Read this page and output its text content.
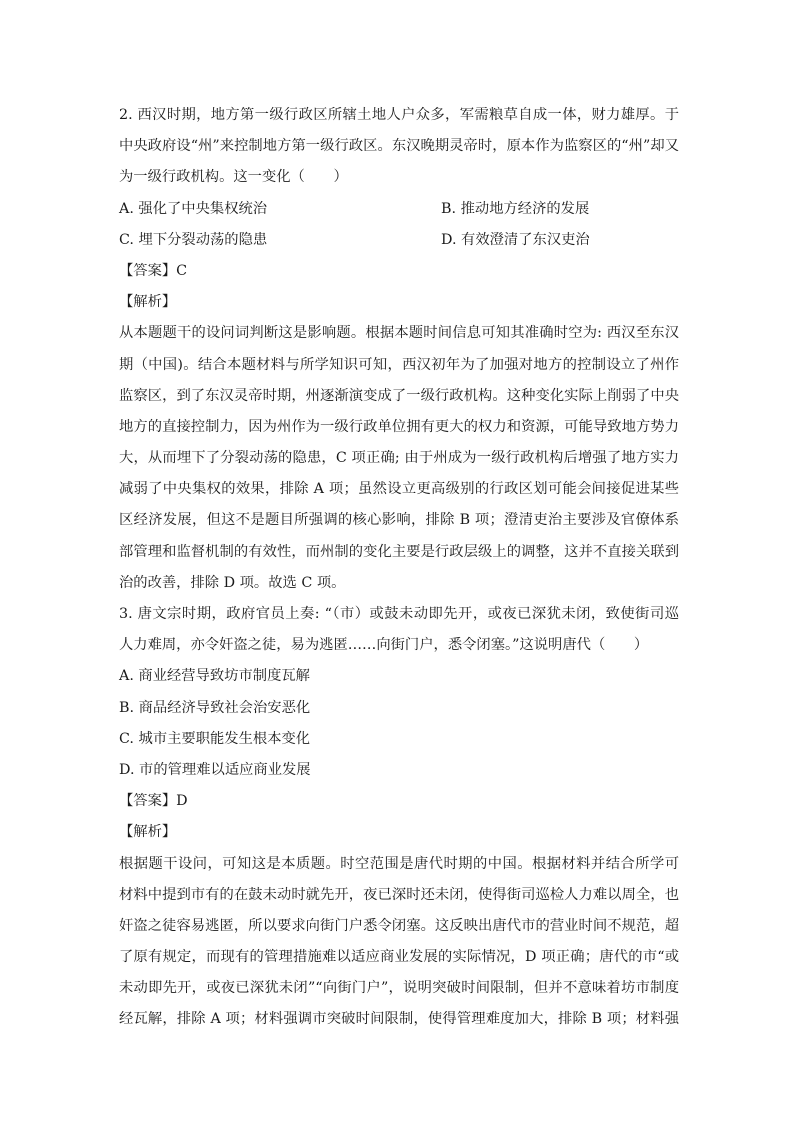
2. 西汉时期，地方第一级行政区所辖土地人户众多，军需粮草自成一体，财力雄厚。于
中央政府设“州”来控制地方第一级行政区。东汉晚期灵帝时，原本作为监察区的“州”却又
为一级行政机构。这一变化（　　）
A. 强化了中央集权统治	B. 推动地方经济的发展
C. 埋下分裂动荡的隐患	D. 有效澄清了东汉吏治
【答案】C
【解析】
从本题题干的设问词判断这是影响题。根据本题时间信息可知其准确时空为: 西汉至东汉
期（中国)。结合本题材料与所学知识可知，西汉初年为了加强对地方的控制设立了州作
监察区，到了东汉灵帝时期，州逐渐演变成了一级行政机构。这种变化实际上削弱了中央
地方的直接控制力，因为州作为一级行政单位拥有更大的权力和资源，可能导致地方势力
大，从而埋下了分裂动荡的隐患，C 项正确; 由于州成为一级行政机构后增强了地方实力
减弱了中央集权的效果，排除 A 项；虽然设立更高级别的行政区划可能会间接促进某些
区经济发展，但这不是题目所强调的核心影响，排除 B 项；澄清吏治主要涉及官僚体系
部管理和监督机制的有效性，而州制的变化主要是行政层级上的调整，这并不直接关联到
治的改善，排除 D 项。故选 C 项。
3. 唐文宗时期，政府官员上奏: “（市）或鼓未动即先开，或夜已深犹未闭，致使街司巡
人力难周，亦令奸盗之徒，易为逃匿……向街门户，悉令闭塞。”这说明唐代（　　）
A. 商业经营导致坊市制度瓦解
B. 商品经济导致社会治安恶化
C. 城市主要职能发生根本变化
D. 市的管理难以适应商业发展
【答案】D
【解析】
根据题干设问，可知这是本质题。时空范围是唐代时期的中国。根据材料并结合所学可
材料中提到市有的在鼓未动时就先开，夜已深时还未闭，使得街司巡检人力难以周全，也
奸盗之徒容易逃匿，所以要求向街门户悉令闭塞。这反映出唐代市的营业时间不规范，超
了原有规定，而现有的管理措施难以适应商业发展的实际情况，D 项正确；唐代的市“或
未动即先开，或夜已深犹未闭”“向街门户”，说明突破时间限制，但并不意味着坊市制度
经瓦解，排除 A 项；材料强调市突破时间限制，使得管理难度加大，排除 B 项；材料强
